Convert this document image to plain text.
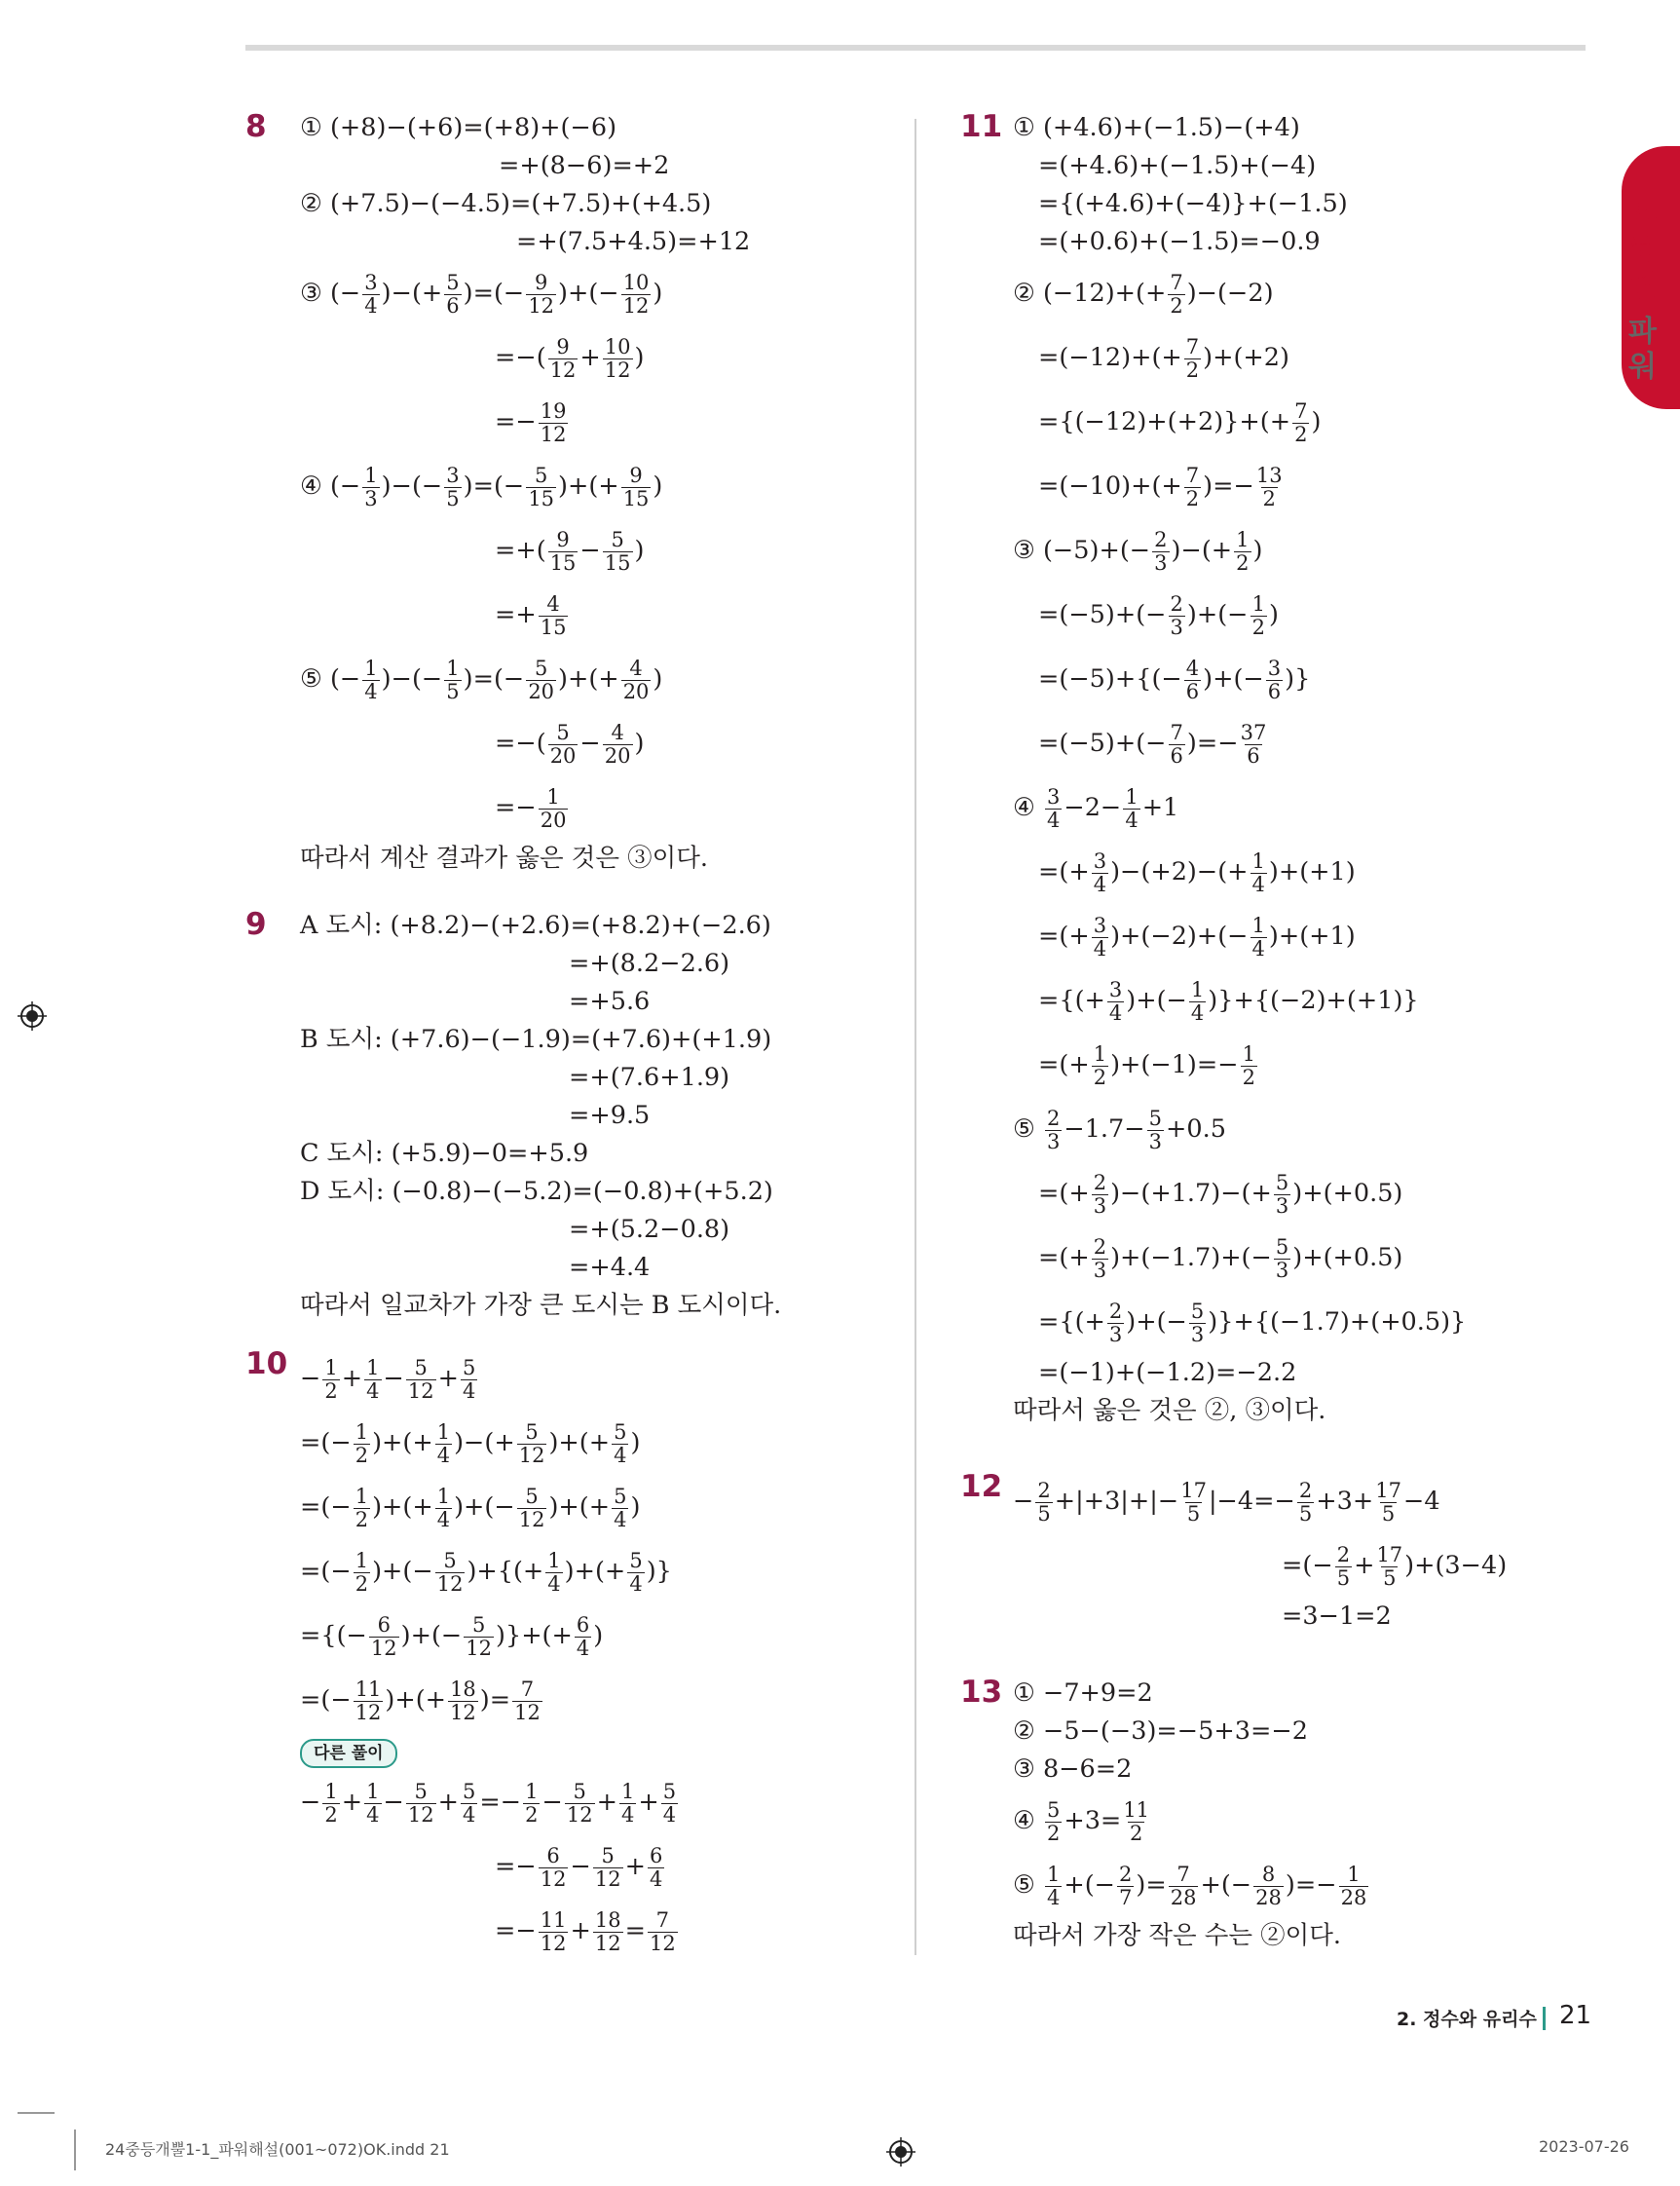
유형편
파워
8	① (+8)−(+6)=(+8)+(−6)
=+(8−6)=+2
② (+7.5)−(−4.5)=(+7.5)+(+4.5)
=+(7.5+4.5)=+12
③ (− $\frac{3}{4}$ )−(+ $\frac{5}{6}$ )=(− $\frac{9}{12}$ )+(− $\frac{10}{12}$ )
=−( $\frac{9}{12} + \frac{10}{12}$ )
=− $\frac{19}{12}$
④ (− $\frac{1}{3}$ )−(− $\frac{3}{5}$ )=(− $\frac{5}{15}$ )+(+ $\frac{9}{15}$ )
=+( $\frac{9}{15} - \frac{5}{15}$ )
=+ $\frac{4}{15}$
⑤ (− $\frac{1}{4}$ )−(− $\frac{1}{5}$ )=(− $\frac{5}{20}$ )+(+ $\frac{4}{20}$ )
=−( $\frac{5}{20} - \frac{4}{20}$ )
=− $\frac{1}{20}$
따라서 계산 결과가 옳은 것은 ③이다.
9	A 도시: (+8.2)−(+2.6)=(+8.2)+(−2.6)
=+(8.2−2.6)
=+5.6
B 도시: (+7.6)−(−1.9)=(+7.6)+(+1.9)
=+(7.6+1.9)
=+9.5
C 도시: (+5.9)−0=+5.9
D 도시: (−0.8)−(−5.2)=(−0.8)+(+5.2)
=+(5.2−0.8)
=+4.4
따라서 일교차가 가장 큰 도시는 B 도시이다.
$10 - \frac{1}{2} + \frac{1}{4} - \frac{5}{12} + \frac{5}{4}$
=(− $\frac{1}{2}$ )+(+ $\frac{1}{4}$ )−(+ $\frac{5}{12}$ )+(+ $\frac{5}{4}$ )
=(− $\frac{1}{2}$ )+(+ $\frac{1}{4}$ )+(− $\frac{5}{12}$ )+(+ $\frac{5}{4}$ )
=(− $\frac{1}{2}$ )+(− $\frac{5}{12}$ )+{(+ $\frac{1}{4}$ )+(+ $\frac{5}{4}$ )}
={(− $\frac{6}{12}$ )+(− $\frac{5}{12}$ )}+(+ $\frac{6}{4}$ )
=(− $\frac{11}{12}$ )+(+ $\frac{18}{12}$ )= $\frac{7}{12}$
다른 풀이
− $\frac{1}{2} + \frac{1}{4} - \frac{5}{12} + \frac{5}{4} =- \frac{1}{2} - \frac{5}{12} + \frac{1}{4} + \frac{5}{4}$
=− $\frac{6}{12} - \frac{5}{12} + \frac{6}{4}$
=− $\frac{11}{12} + \frac{18}{12} = \frac{7}{12}$
11 ① (+4.6)+(−1.5)−(+4)
=(+4.6)+(−1.5)+(−4)
={(+4.6)+(−4)}+(−1.5)
=(+0.6)+(−1.5)=−0.9
② $(-12)+(+ \frac{7}{2} )-(-2)$
$=(-12)+(+ \frac{7}{2} )+(+2)$
$=\{(-12)+(+2)\}+(+ \frac{7}{2}$ )
$=(-10)+(+ \frac{7}{2}$ )=− $\frac{13}{2}$
③ $(-5)+(- \frac{2}{3}$ )−(+ $\frac{1}{2}$ )
$=(-5)+(- \frac{2}{3}$ )+(− $\frac{1}{2}$ )
$=(-5)+\{(- \frac{4}{6}$ )+(− $\frac{3}{6}$ )}
$=(-5)+(- \frac{7}{6}$ )=− $\frac{37}{6}$
④ $\frac{3}{4} -2- \frac{1}{4} +1$
=(+ $\frac{3}{4} )-(+2)-(+ \frac{1}{4} )+(+1)$
=(+ $\frac{3}{4} )+(-2)+(- \frac{1}{4} )+(+1)$
={(+ $\frac{3}{4}$ )+(− $\frac{1}{4} )\}+\{(-2)+(+1)\}$
=(+ $\frac{1}{2} )+(-1)=- \frac{1}{2}$
⑤ $\frac{2}{3} -1.7- \frac{5}{3} +0.5$
=(+ $\frac{2}{3} )-(+1.7)-(+ \frac{5}{3} )+(+0.5)$
=(+ $\frac{2}{3} )+(-1.7)+(- \frac{5}{3} )+(+0.5)$
={(+ $\frac{2}{3}$ )+(− $\frac{5}{3} )\}+\{(-1.7)+(+0.5)\}$
=(−1)+(−1.2)=−2.2
따라서 옳은 것은 ②, ③이다.
$12 - \frac{2}{5} +|+3|+|- \frac{17}{5} |-4=- \frac{2}{5} +3+ \frac{17}{5} -4$
=(− $\frac{2}{5} + \frac{17}{5} )+(3-4)$
=3−1=2
13 ① −7+9=2
② −5−(−3)=−5+3=−2
③ 8−6=2
④ $\frac{5}{2} +3= \frac{11}{2}$
⑤ $\frac{1}{4}$ +(− $\frac{2}{7}$ )= $\frac{7}{28}$ +(− $\frac{8}{28}$ )=− $\frac{1}{28}$
따라서 가장 작은 수는 ②이다.
2. 정수와 유리수 21
24중등개뿔1-1_파워해설(001~072)OK.indd 21	2023-07-26
